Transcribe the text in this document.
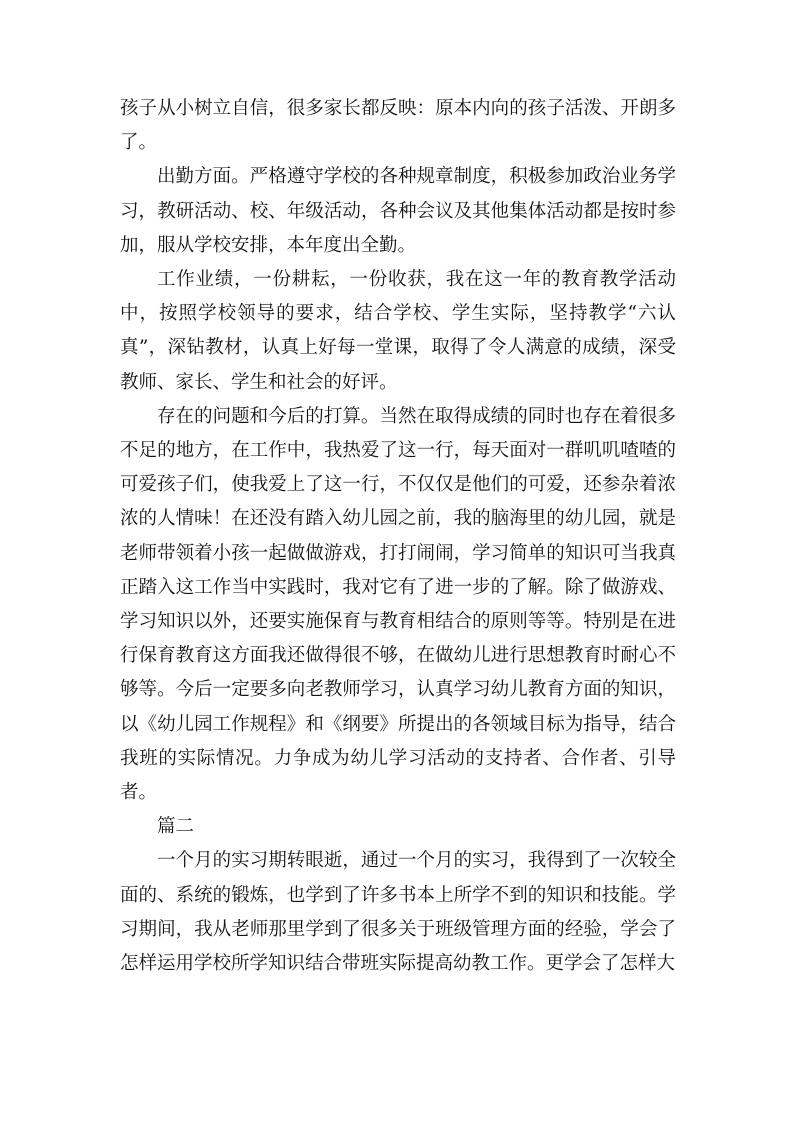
孩子从小树立自信，很多家长都反映：原本内向的孩子活泼、开朗多了。

出勤方面。严格遵守学校的各种规章制度，积极参加政治业务学习，教研活动、校、年级活动，各种会议及其他集体活动都是按时参加，服从学校安排，本年度出全勤。

工作业绩，一份耕耘，一份收获，我在这一年的教育教学活动中，按照学校领导的要求，结合学校、学生实际，坚持教学“六认真”，深钻教材，认真上好每一堂课，取得了令人满意的成绩，深受教师、家长、学生和社会的好评。

存在的问题和今后的打算。当然在取得成绩的同时也存在着很多不足的地方，在工作中，我热爱了这一行，每天面对一群叽叽喳喳的可爱孩子们，使我爱上了这一行，不仅仅是他们的可爱，还参杂着浓浓的人情味！在还没有踏入幼儿园之前，我的脑海里的幼儿园，就是老师带领着小孩一起做做游戏，打打闹闹，学习简单的知识可当我真正踏入这工作当中实践时，我对它有了进一步的了解。除了做游戏、学习知识以外，还要实施保育与教育相结合的原则等等。特别是在进行保育教育这方面我还做得很不够，在做幼儿进行思想教育时耐心不够等。今后一定要多向老教师学习，认真学习幼儿教育方面的知识，以《幼儿园工作规程》和《纲要》所提出的各领域目标为指导，结合我班的实际情况。力争成为幼儿学习活动的支持者、合作者、引导者。

篇二

一个月的实习期转眼逝，通过一个月的实习，我得到了一次较全面的、系统的锻炼，也学到了许多书本上所学不到的知识和技能。学习期间，我从老师那里学到了很多关于班级管理方面的经验，学会了怎样运用学校所学知识结合带班实际提高幼教工作。更学会了怎样大
